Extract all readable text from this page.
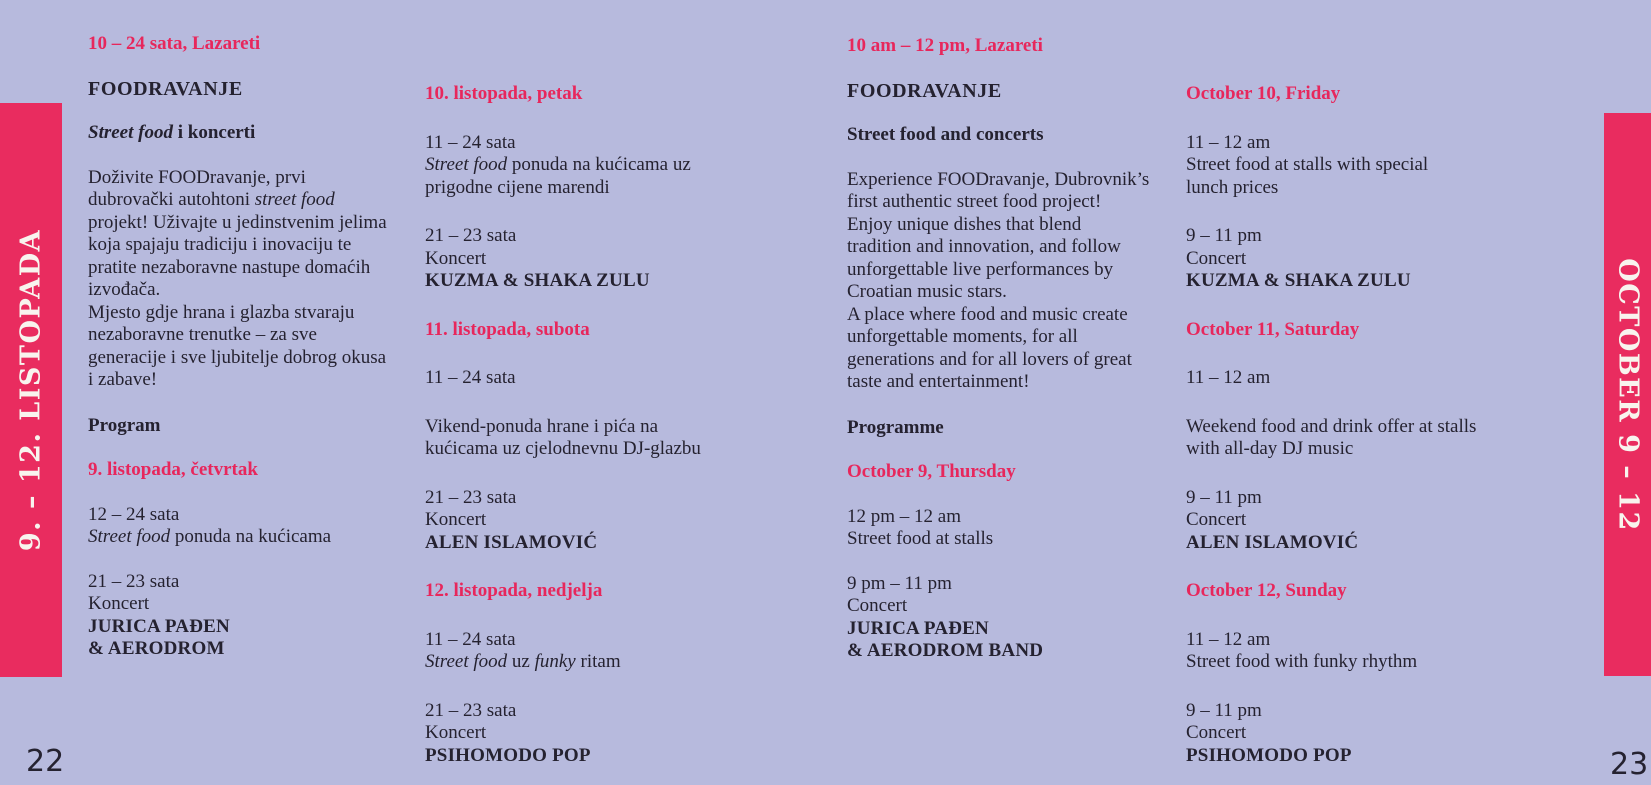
9. – 12. LISTOPADA	OCTOBER 9 – 12
10 – 24 sata, Lazareti
FOODRAVANJE
Street food i koncerti
Doživite FOODravanje, prvi
dubrovački autohtoni street food
projekt! Uživajte u jedinstvenim jelima
koja spajaju tradiciju i inovaciju te
pratite nezaboravne nastupe domaćih
izvođača.
Mjesto gdje hrana i glazba stvaraju
nezaboravne trenutke – za sve
generacije i sve ljubitelje dobrog okusa
i zabave!
Program
9. listopada, četvrtak
12 – 24 sata
Street food ponuda na kućicama
21 – 23 sata
Koncert
JURICA PAĐEN
& AERODROM
10. listopada, petak
11 – 24 sata
Street food ponuda na kućicama uz
prigodne cijene marendi
21 – 23 sata
Koncert
KUZMA & SHAKA ZULU
11. listopada, subota
11 – 24 sata
Vikend-ponuda hrane i pića na
kućicama uz cjelodnevnu DJ-glazbu
21 – 23 sata
Koncert
ALEN ISLAMOVIĆ
12. listopada, nedjelja
11 – 24 sata
Street food uz funky ritam
21 – 23 sata
Koncert
PSIHOMODO POP
10 am – 12 pm, Lazareti
FOODRAVANJE
Street food and concerts
Experience FOODravanje, Dubrovnik’s
first authentic street food project!
Enjoy unique dishes that blend
tradition and innovation, and follow
unforgettable live performances by
Croatian music stars.
A place where food and music create
unforgettable moments, for all
generations and for all lovers of great
taste and entertainment!
Programme
October 9, Thursday
12 pm – 12 am
Street food at stalls
9 pm – 11 pm
Concert
JURICA PAĐEN
& AERODROM BAND
October 10, Friday
11 – 12 am
Street food at stalls with special
lunch prices
9 – 11 pm
Concert
KUZMA & SHAKA ZULU
October 11, Saturday
11 – 12 am
Weekend food and drink offer at stalls
with all-day DJ music
9 – 11 pm
Concert
ALEN ISLAMOVIĆ
October 12, Sunday
11 – 12 am
Street food with funky rhythm
9 – 11 pm
Concert
PSIHOMODO POP
22	23
